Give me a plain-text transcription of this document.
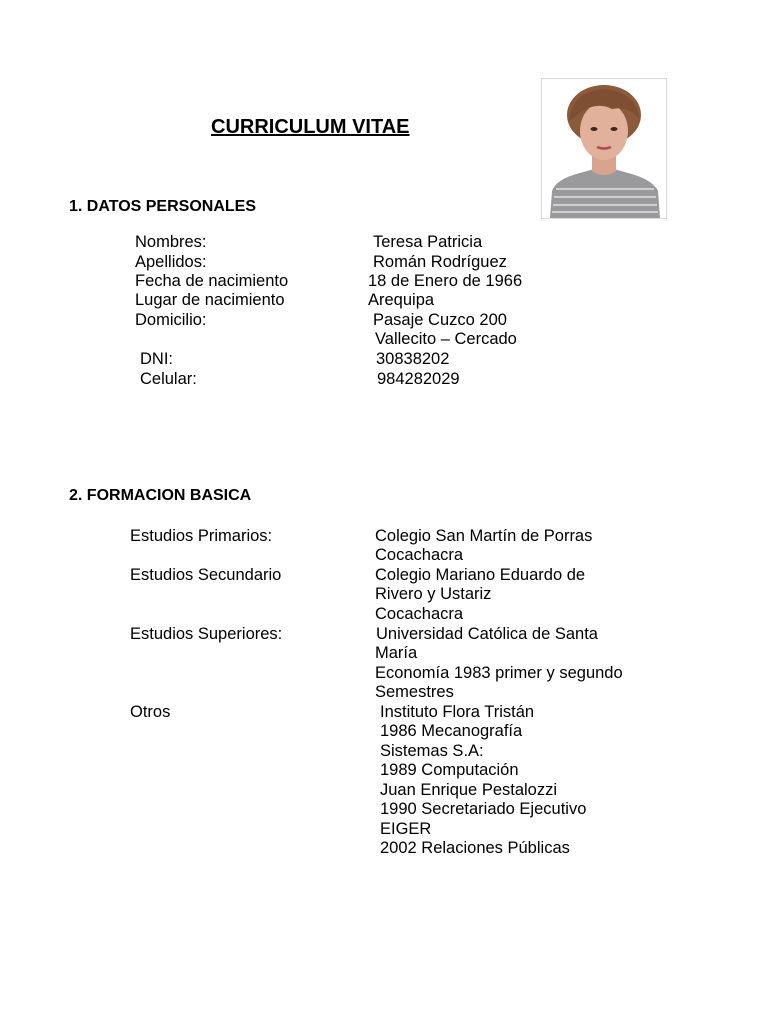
CURRICULUM VITAE
1. DATOS PERSONALES
Nombres:
Apellidos:
Fecha de nacimiento
Lugar de nacimiento
Domicilio:
DNI:
Celular:
Teresa Patricia
Román Rodríguez
18 de Enero de 1966
Arequipa
Pasaje Cuzco 200
Vallecito – Cercado
30838202
984282029
2. FORMACION BASICA
Estudios Primarios:
Estudios Secundario
Estudios Superiores:
Otros
Colegio San Martín de Porras
Cocachacra
Colegio Mariano Eduardo de
Rivero y Ustariz
Cocachacra
Universidad Católica de Santa
María
Economía 1983 primer y segundo
Semestres
Instituto Flora Tristán
1986 Mecanografía
Sistemas S.A:
1989 Computación
Juan Enrique Pestalozzi
1990 Secretariado Ejecutivo
EIGER
2002 Relaciones Públicas
